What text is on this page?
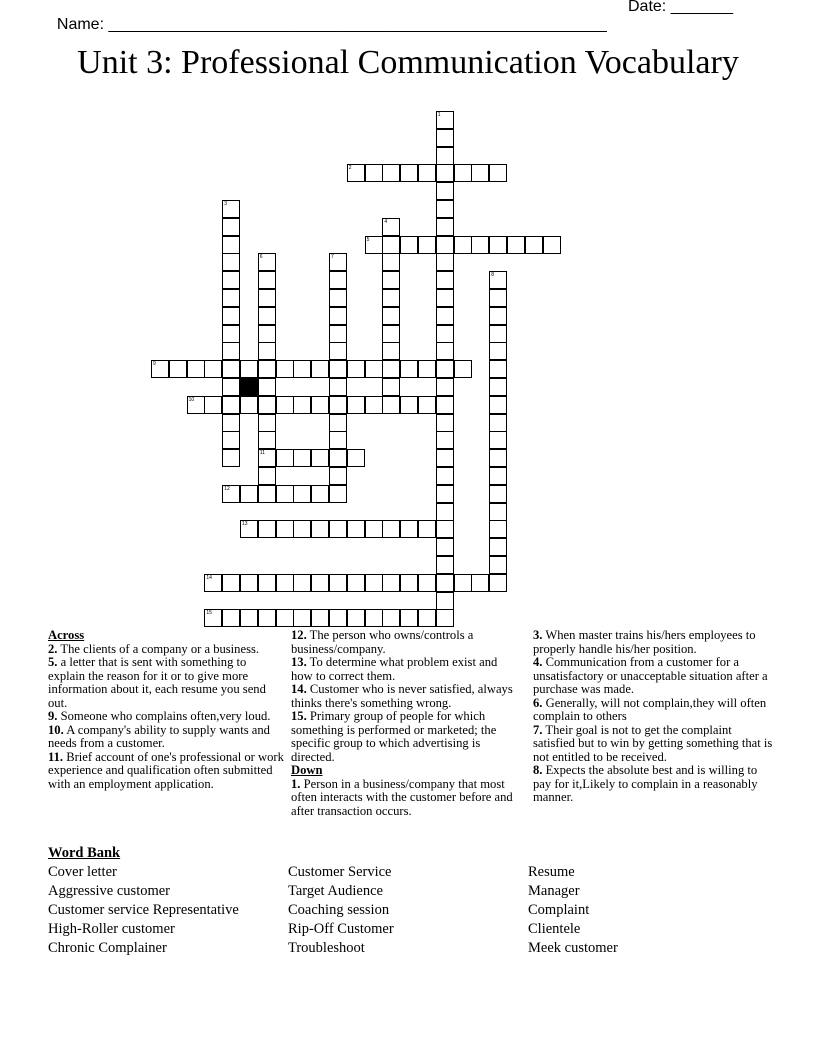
Name: ________________________________________________________

Date: _______

Unit 3: Professional Communication Vocabulary
1
3
4
6
11
7
8
2
5
9
10
12
13
14
15
Across
2. The clients of a company or a business.
5. a letter that is sent with something to explain the reason for it or to give more information about it, each resume you send out.
9. Someone who complains often,very loud.
10. A company's ability to supply wants and needs from a customer.
11. Brief account of one's professional or work experience and qualification often submitted with an employment application.
12. The person who owns/controls a business/company.
13. To determine what problem exist and how to correct them.
14. Customer who is never satisfied, always thinks there's something wrong.
15. Primary group of people for which something is performed or marketed; the specific group to which advertising is directed.
Down
1. Person in a business/company that most often interacts with the customer before and after transaction occurs.
3. When master trains his/hers employees to properly handle his/her position.
4. Communication from a customer for a unsatisfactory or unacceptable situation after a purchase was made.
6. Generally, will not complain,they will often complain to others
7. Their goal is not to get the complaint satisfied but to win by getting something that is not entitled to be received.
8. Expects the absolute best and is willing to pay for it,Likely to complain in a reasonably manner.
Word Bank
Cover letter
Aggressive customer
Customer service Representative
High-Roller customer
Chronic Complainer
Customer Service
Target Audience
Coaching session
Rip-Off Customer
Troubleshoot
Resume
Manager
Complaint
Clientele
Meek customer
